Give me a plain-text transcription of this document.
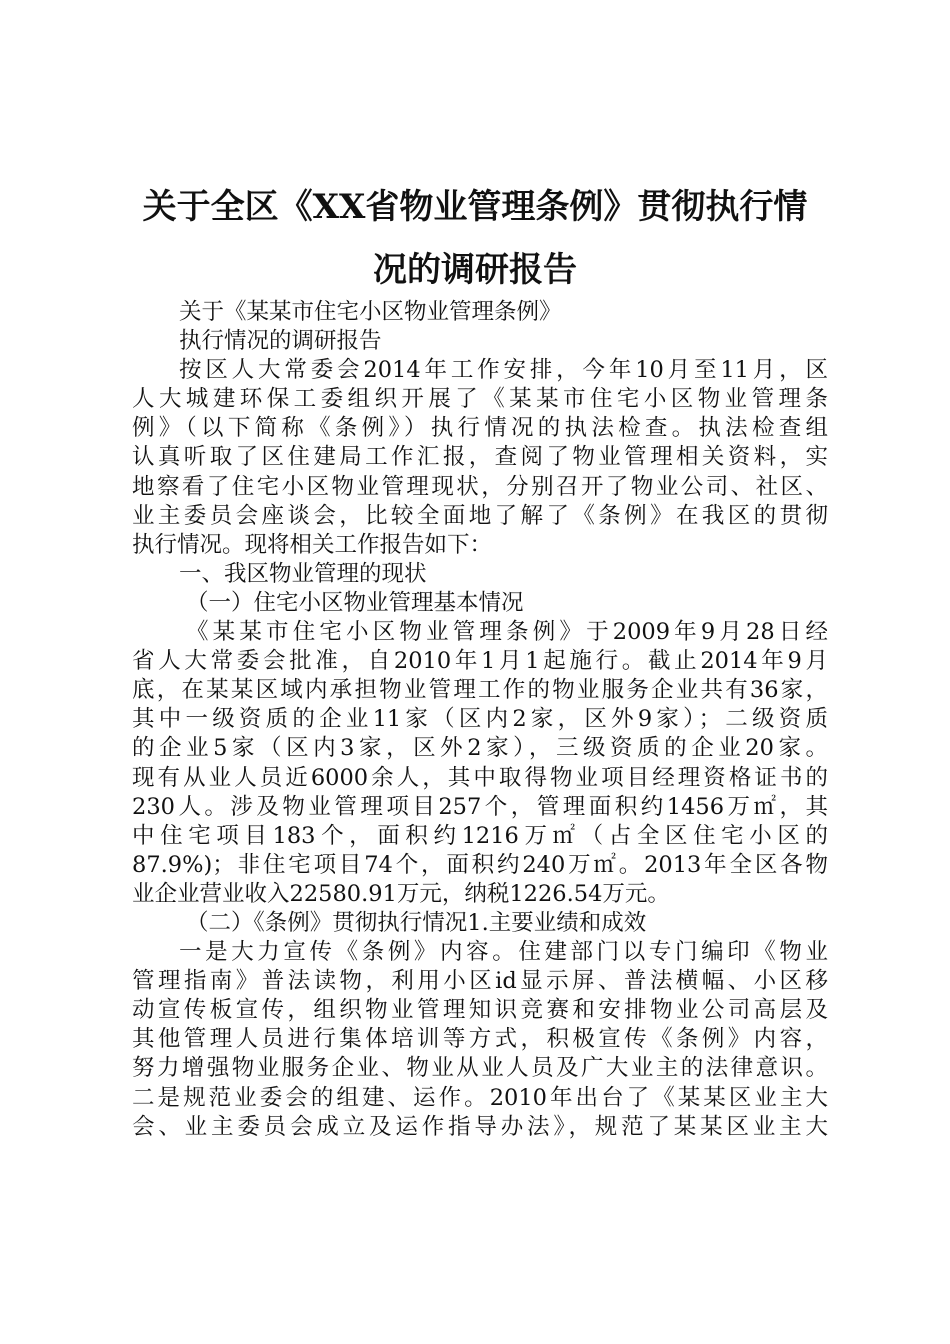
关于全区《XX省物业管理条例》贯彻执行情
况的调研报告
关于《某某市住宅小区物业管理条例》
执行情况的调研报告
按区人大常委会2014年工作安排，今年10月至11月，区
人大城建环保工委组织开展了《某某市住宅小区物业管理条
例》（以下简称《条例》）执行情况的执法检查。执法检查组
认真听取了区住建局工作汇报，查阅了物业管理相关资料，实
地察看了住宅小区物业管理现状，分别召开了物业公司、社区、
业主委员会座谈会，比较全面地了解了《条例》在我区的贯彻
执行情况。现将相关工作报告如下：
一、我区物业管理的现状
（一）住宅小区物业管理基本情况
《某某市住宅小区物业管理条例》于2009年9月28日经
省人大常委会批准，自2010年1月1起施行。截止2014年9月
底，在某某区域内承担物业管理工作的物业服务企业共有36家，
其中一级资质的企业11家（区内2家，区外9家）；二级资质
的企业5家（区内3家，区外2家），三级资质的企业20家。
现有从业人员近6000余人，其中取得物业项目经理资格证书的
230人。涉及物业管理项目257个，管理面积约1456万㎡，其
中住宅项目183个，面积约1216万㎡（占全区住宅小区的
87.9%)；非住宅项目74个，面积约240万㎡。2013年全区各物
业企业营业收入22580.91万元，纳税1226.54万元。
（二）《条例》贯彻执行情况1.主要业绩和成效
一是大力宣传《条例》内容。住建部门以专门编印《物业
管理指南》普法读物，利用小区id显示屏、普法横幅、小区移
动宣传板宣传，组织物业管理知识竞赛和安排物业公司高层及
其他管理人员进行集体培训等方式，积极宣传《条例》内容，
努力增强物业服务企业、物业从业人员及广大业主的法律意识。
二是规范业委会的组建、运作。2010年出台了《某某区业主大
会、业主委员会成立及运作指导办法》，规范了某某区业主大
